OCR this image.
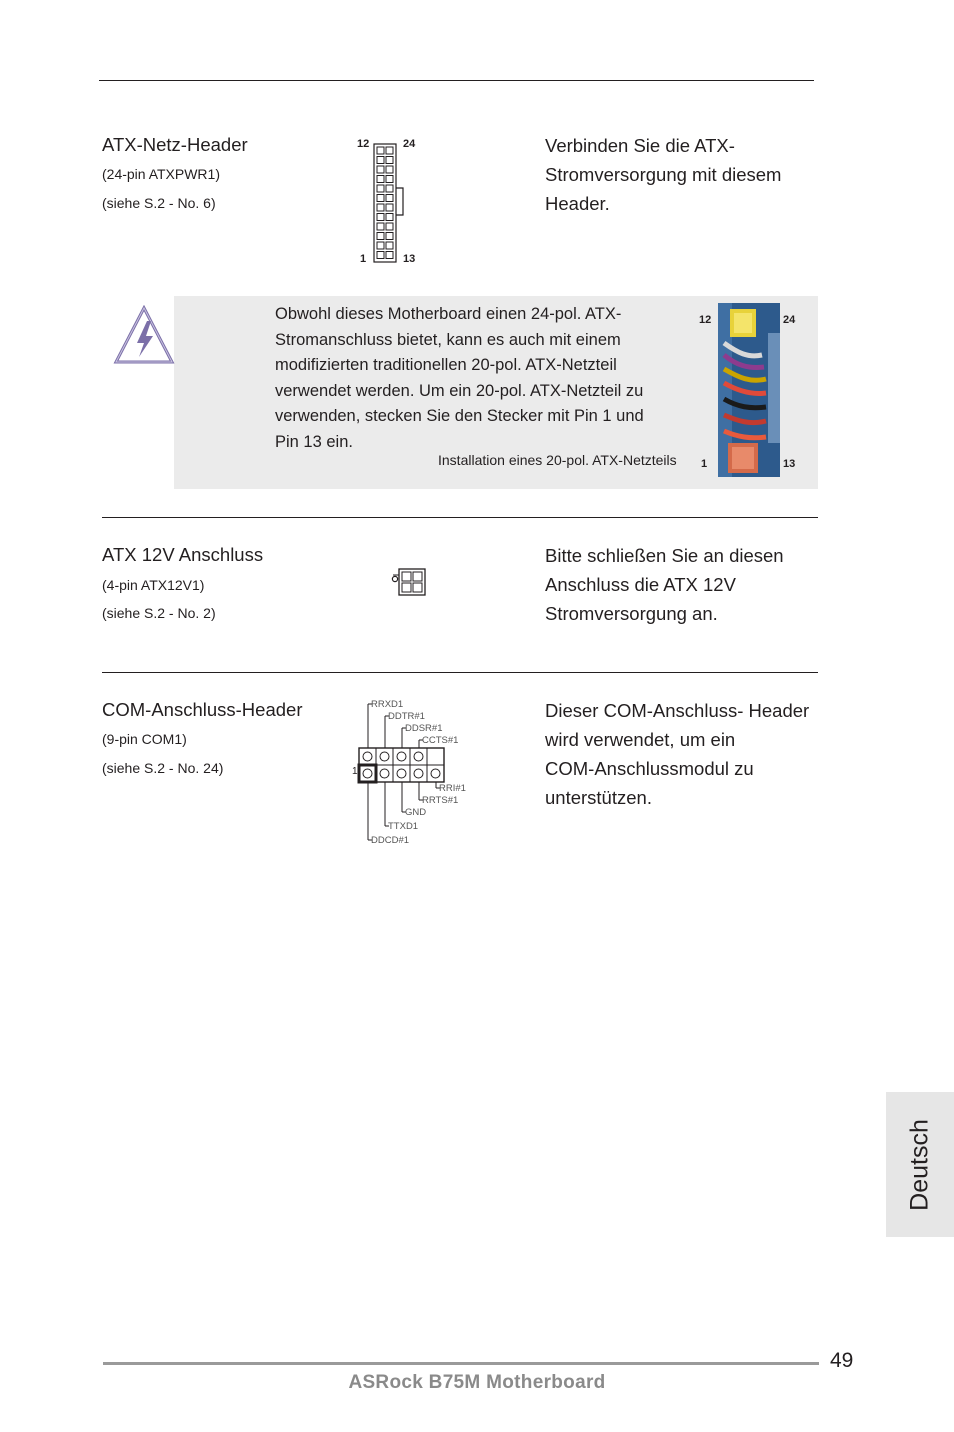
ATX-Netz-Header
(24-pin ATXPWR1)
(siehe S.2 - No. 6)
12	24
1	13
Verbinden Sie die ATX-
Stromversorgung mit diesem
Header.
Obwohl dieses Motherboard einen 24-pol. ATX-
Stromanschluss bietet, kann es auch mit einem
modifizierten traditionellen 20-pol. ATX-Netzteil
verwendet werden. Um ein 20-pol. ATX-Netzteil zu
verwenden, stecken Sie den Stecker mit Pin 1 und
Pin 13 ein.
Installation eines 20-pol. ATX-Netzteils
12	24
1	13
ATX 12V Anschluss
(4-pin ATX12V1)
(siehe S.2 - No. 2)
Bitte schließen Sie an diesen
Anschluss die ATX 12V
Stromversorgung an.
COM-Anschluss-Header
(9-pin COM1)
(siehe S.2 - No. 24)
RRXD1
DDTR#1
DDSR#1
CCTS#1
RRI#1
RRTS#1
GND
TTXD1
DDCD#1
1
Dieser COM-Anschluss- Header
wird verwendet, um ein
COM-Anschlussmodul zu
unterstützen.
Deutsch
49
ASRock B75M Motherboard
